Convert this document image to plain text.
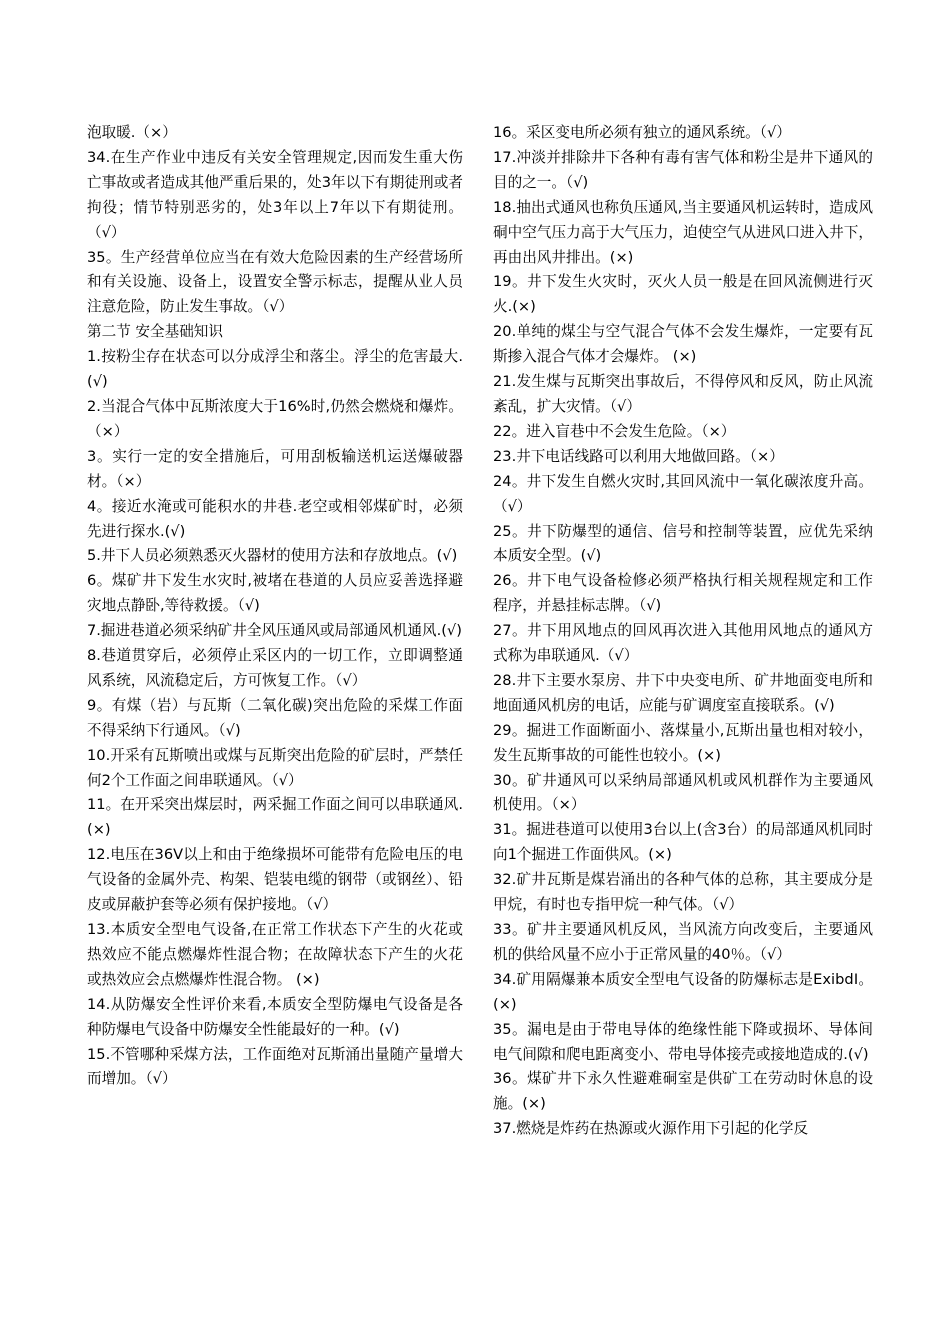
泡取暖.（×）

34.在生产作业中违反有关安全管理规定,因而发生重大伤亡事故或者造成其他严重后果的，处3年以下有期徒刑或者拘役；情节特别恶劣的，处3年以上7年以下有期徒刑。（√）

35。生产经营单位应当在有效大危险因素的生产经营场所和有关设施、设备上，设置安全警示标志，提醒从业人员注意危险，防止发生事故。（√）

第二节 安全基础知识

1.按粉尘存在状态可以分成浮尘和落尘。浮尘的危害最大.(√)

2.当混合气体中瓦斯浓度大于16%时,仍然会燃烧和爆炸。（×）

3。实行一定的安全措施后，可用刮板输送机运送爆破器材。（×）

4。接近水淹或可能积水的井巷.老空或相邻煤矿时，必须先进行探水.(√)

5.井下人员必须熟悉灭火器材的使用方法和存放地点。(√)

6。煤矿井下发生水灾时,被堵在巷道的人员应妥善选择避灾地点静卧,等待救援。（√)

7.掘进巷道必须采纳矿井全风压通风或局部通风机通风.(√)

8.巷道贯穿后，必须停止采区内的一切工作，立即调整通风系统，风流稳定后，方可恢复工作。（√）

9。有煤（岩）与瓦斯（二氧化碳)突出危险的采煤工作面不得采纳下行通风。（√)

10.开采有瓦斯喷出或煤与瓦斯突出危险的矿层时，严禁任何2个工作面之间串联通风。（√）

11。在开采突出煤层时，两采掘工作面之间可以串联通风.(×)

12.电压在36V以上和由于绝缘损坏可能带有危险电压的电气设备的金属外壳、构架、铠装电缆的钢带（或钢丝）、铅皮或屏蔽护套等必须有保护接地。（√）

13.本质安全型电气设备,在正常工作状态下产生的火花或热效应不能点燃爆炸性混合物；在故障状态下产生的火花或热效应会点燃爆炸性混合物。 (×)

14.从防爆安全性评价来看,本质安全型防爆电气设备是各种防爆电气设备中防爆安全性能最好的一种。(√)

15.不管哪种采煤方法，工作面绝对瓦斯涌出量随产量增大而增加。（√）

16。采区变电所必须有独立的通风系统。（√）

17.冲淡并排除井下各种有毒有害气体和粉尘是井下通风的目的之一。（√)

18.抽出式通风也称负压通风,当主要通风机运转时，造成风硐中空气压力高于大气压力，迫使空气从进风口进入井下，再由出风井排出。(×)

19。井下发生火灾时，灭火人员一般是在回风流侧进行灭火.(×)

20.单纯的煤尘与空气混合气体不会发生爆炸，一定要有瓦斯掺入混合气体才会爆炸。 (×)

21.发生煤与瓦斯突出事故后，不得停风和反风，防止风流紊乱，扩大灾情。（√）

22。进入盲巷中不会发生危险。（×）

23.井下电话线路可以利用大地做回路。（×）

24。井下发生自燃火灾时,其回风流中一氧化碳浓度升高。（√）

25。井下防爆型的通信、信号和控制等装置，应优先采纳本质安全型。(√)

26。井下电气设备检修必须严格执行相关规程规定和工作程序，并悬挂标志牌。（√)

27。井下用风地点的回风再次进入其他用风地点的通风方式称为串联通风.（√）

28.井下主要水泵房、井下中央变电所、矿井地面变电所和地面通风机房的电话，应能与矿调度室直接联系。(√)

29。掘进工作面断面小、落煤量小,瓦斯出量也相对较小，发生瓦斯事故的可能性也较小。(×)

30。矿井通风可以采纳局部通风机或风机群作为主要通风机使用。（×）

31。掘进巷道可以使用3台以上(含3台）的局部通风机同时向1个掘进工作面供风。(×)

32.矿井瓦斯是煤岩涌出的各种气体的总称，其主要成分是甲烷，有时也专指甲烷一种气体。（√）

33。矿井主要通风机反风，当风流方向改变后，主要通风机的供给风量不应小于正常风量的40％。（√）

34.矿用隔爆兼本质安全型电气设备的防爆标志是ExibdⅠ。(×)

35。漏电是由于带电导体的绝缘性能下降或损坏、导体间电气间隙和爬电距离变小、带电导体接壳或接地造成的.(√)

36。煤矿井下永久性避难硐室是供矿工在劳动时休息的设施。(×)

37.燃烧是炸药在热源或火源作用下引起的化学反
